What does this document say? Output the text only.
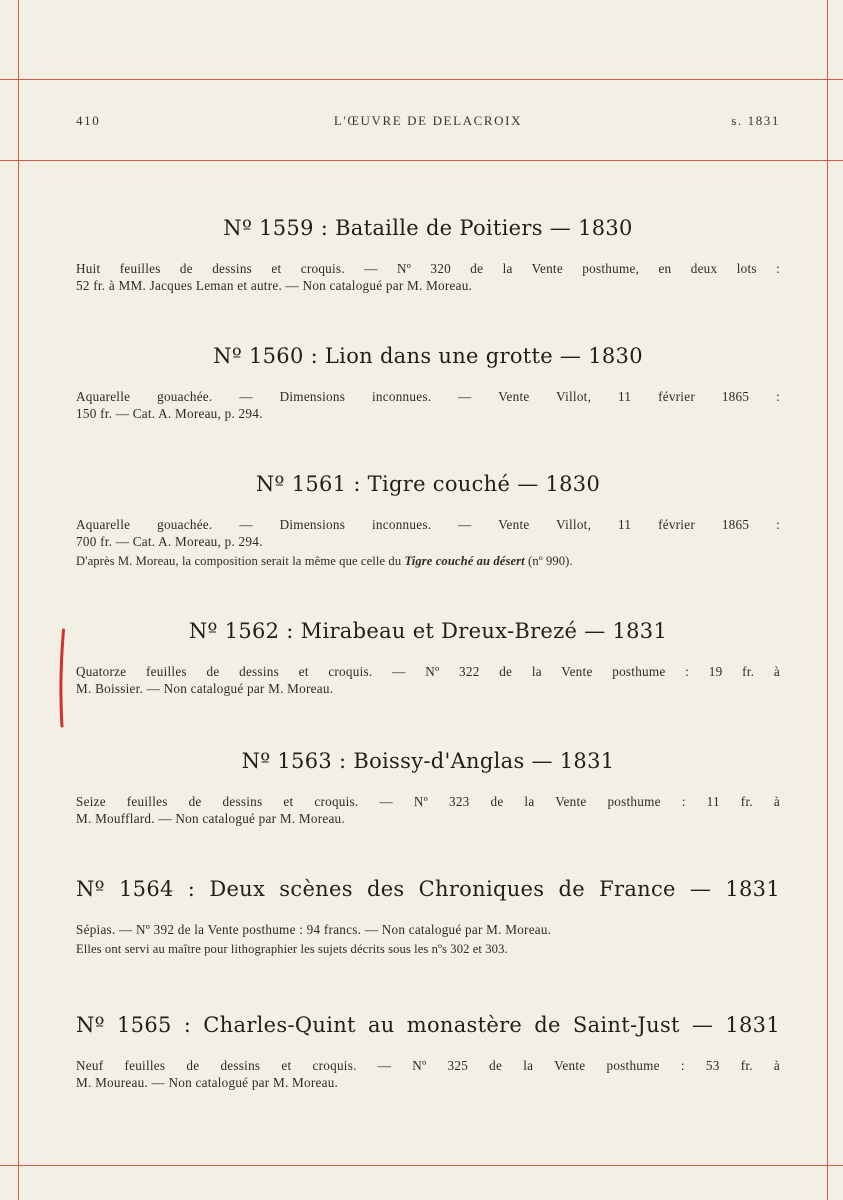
410	L'ŒUVRE DE DELACROIX	s. 1831
Nº 1559 : Bataille de Poitiers — 1830
Huit feuilles de dessins et croquis. — Nº 320 de la Vente posthume, en deux lots :
52 fr. à MM. Jacques Leman et autre. — Non catalogué par M. Moreau.
Nº 1560 : Lion dans une grotte — 1830
Aquarelle gouachée. — Dimensions inconnues. — Vente Villot, 11 février 1865 :
150 fr. — Cat. A. Moreau, p. 294.
Nº 1561 : Tigre couché — 1830
Aquarelle gouachée. — Dimensions inconnues. — Vente Villot, 11 février 1865 :
700 fr. — Cat. A. Moreau, p. 294.
D'après M. Moreau, la composition serait la même que celle du Tigre couché au désert (nº 990).
Nº 1562 : Mirabeau et Dreux-Brezé — 1831
Quatorze feuilles de dessins et croquis. — Nº 322 de la Vente posthume : 19 fr. à
M. Boissier. — Non catalogué par M. Moreau.
Nº 1563 : Boissy-d'Anglas — 1831
Seize feuilles de dessins et croquis. — Nº 323 de la Vente posthume : 11 fr. à
M. Moufflard. — Non catalogué par M. Moreau.
Nº 1564 : Deux scènes des Chroniques de France — 1831
Sépias. — Nº 392 de la Vente posthume : 94 francs. — Non catalogué par M. Moreau.
Elles ont servi au maître pour lithographier les sujets décrits sous les nºs 302 et 303.
Nº 1565 : Charles-Quint au monastère de Saint-Just — 1831
Neuf feuilles de dessins et croquis. — Nº 325 de la Vente posthume : 53 fr. à
M. Moureau. — Non catalogué par M. Moreau.
